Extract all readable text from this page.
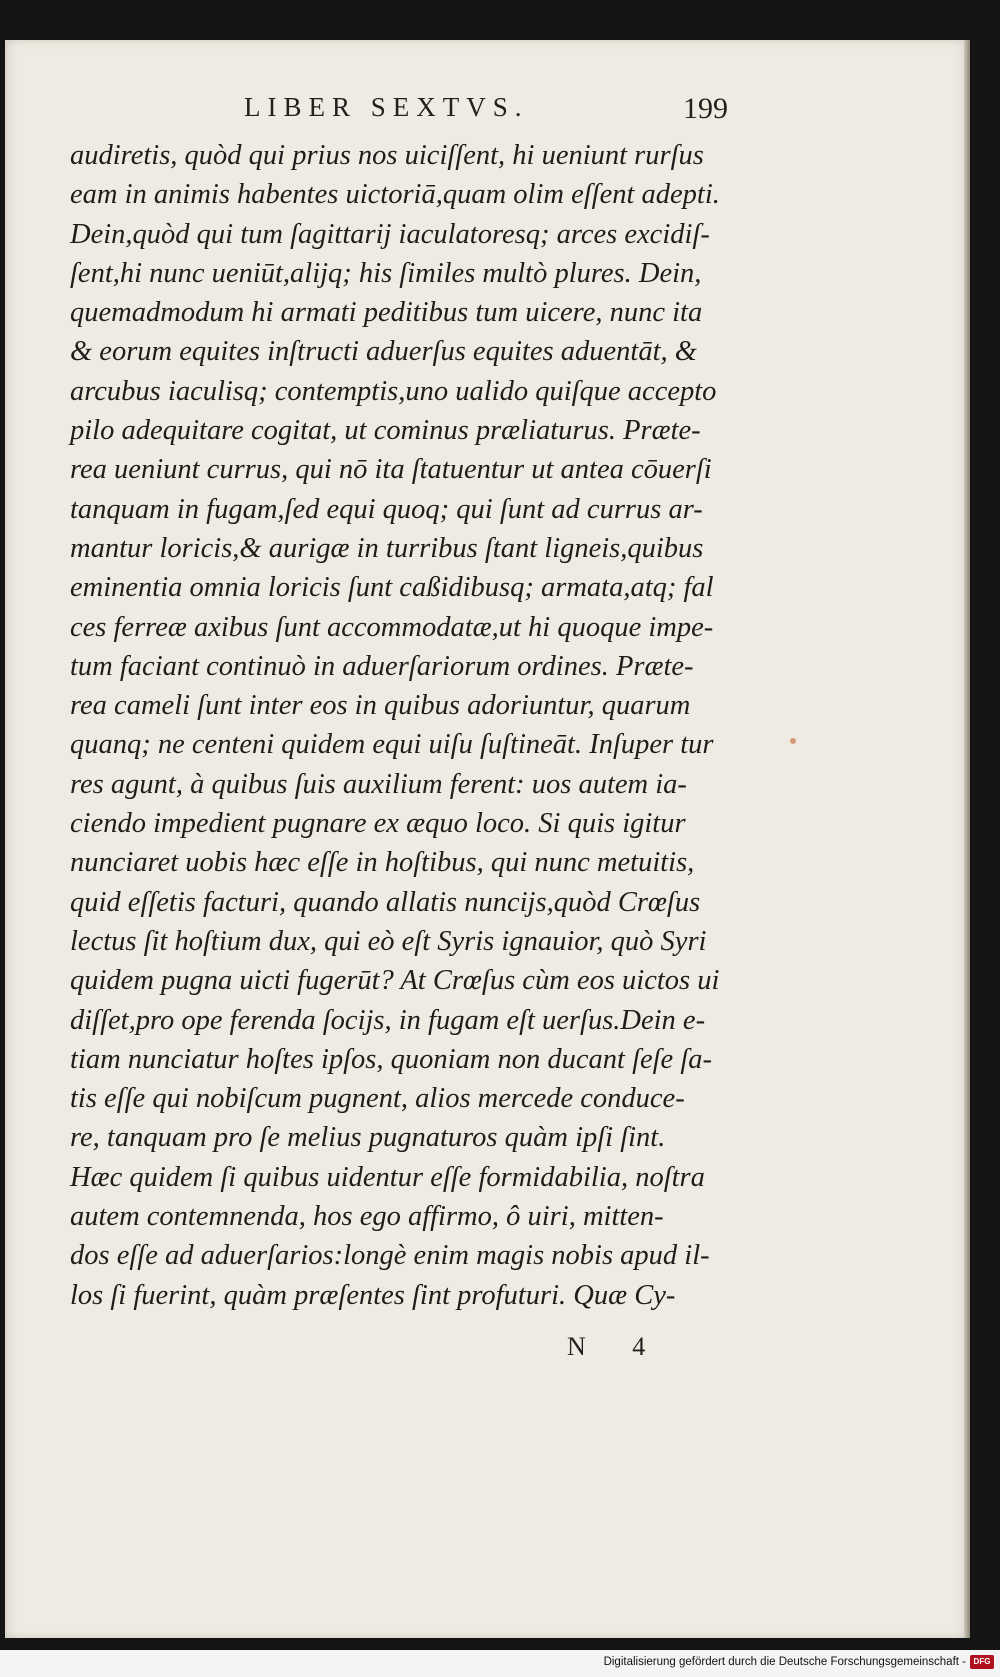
LIBER SEXTVS.	199
audiretis, quòd qui prius nos uiciſſent, hi ueniunt rurſus
eam in animis habentes uictoriā,quam olim eſſent adepti.
Dein,quòd qui tum ſagittarij iaculatoresq; arces excidiſ-
ſent,hi nunc ueniūt,alijq; his ſimiles multò plures. Dein,
quemadmodum hi armati peditibus tum uicere, nunc ita
& eorum equites inſtructi aduerſus equites aduentāt, &
arcubus iaculisq; contemptis,uno ualido quiſque accepto
pilo adequitare cogitat, ut cominus præliaturus. Præte-
rea ueniunt currus, qui nō ita ſtatuentur ut antea cōuerſi
tanquam in fugam,ſed equi quoq; qui ſunt ad currus ar-
mantur loricis,& aurigæ in turribus ſtant ligneis,quibus
eminentia omnia loricis ſunt caßidibusq; armata,atq; fal
ces ferreæ axibus ſunt accommodatæ,ut hi quoque impe-
tum faciant continuò in aduerſariorum ordines. Præte-
rea cameli ſunt inter eos in quibus adoriuntur, quarum
quanq; ne centeni quidem equi uiſu ſuſtineāt. Inſuper tur
res agunt, à quibus ſuis auxilium ferent: uos autem ia-
ciendo impedient pugnare ex æquo loco. Si quis igitur
nunciaret uobis hæc eſſe in hoſtibus, qui nunc metuitis,
quid eſſetis facturi, quando allatis nuncijs,quòd Crœſus
lectus ſit hoſtium dux, qui eò eſt Syris ignauior, quò Syri
quidem pugna uicti fugerūt? At Crœſus cùm eos uictos ui
diſſet,pro ope ferenda ſocijs, in fugam eſt uerſus.Dein e-
tiam nunciatur hoſtes ipſos, quoniam non ducant ſeſe ſa-
tis eſſe qui nobiſcum pugnent, alios mercede conduce-
re, tanquam pro ſe melius pugnaturos quàm ipſi ſint.
Hæc quidem ſi quibus uidentur eſſe formidabilia, noſtra
autem contemnenda, hos ego affirmo, ô uiri, mitten-
dos eſſe ad aduerſarios:longè enim magis nobis apud il-
los ſi fuerint, quàm præſentes ſint profuturi. Quæ Cy-
N 4
Digitalisierung gefördert durch die Deutsche Forschungsgemeinschaft - DFG
